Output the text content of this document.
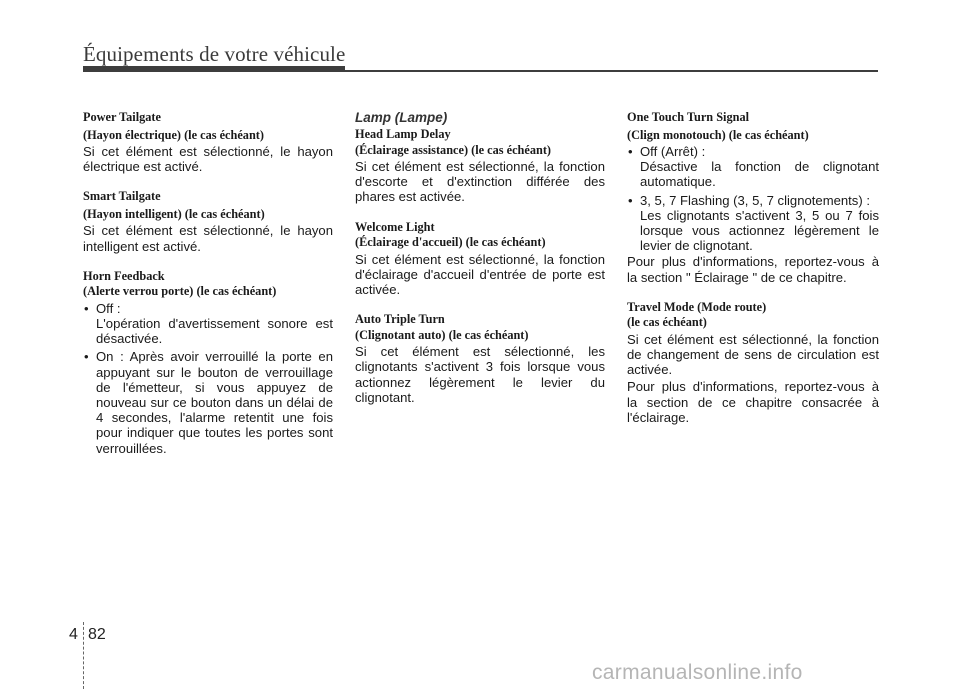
Équipements de votre véhicule

Power Tailgate

(Hayon électrique) (le cas échéant)

Si cet élément est sélectionné, le hayon électrique est activé.

Smart Tailgate

(Hayon intelligent) (le cas échéant)

Si cet élément est sélectionné, le hayon intelligent est activé.

Horn Feedback

(Alerte verrou porte) (le cas échéant)

• Off :
L'opération d'avertissement sonore est désactivée.
• On : Après avoir verrouillé la porte en appuyant sur le bouton de verrouillage de l'émetteur, si vous appuyez de nouveau sur ce bouton dans un délai de 4 secondes, l'alarme retentit une fois pour indiquer que toutes les portes sont verrouillées.

Lamp (Lampe)

Head Lamp Delay

(Éclairage assistance) (le cas échéant)

Si cet élément est sélectionné, la fonction d'escorte et d'extinction différée des phares est activée.

Welcome Light

(Éclairage d'accueil) (le cas échéant)

Si cet élément est sélectionné, la fonction d'éclairage d'accueil d'entrée de porte est activée.

Auto Triple Turn

(Clignotant auto) (le cas échéant)

Si cet élément est sélectionné, les clignotants s'activent 3 fois lorsque vous actionnez légèrement le levier du clignotant.

One Touch Turn Signal

(Clign monotouch) (le cas échéant)

• Off (Arrêt) :
Désactive la fonction de clignotant automatique.
• 3, 5, 7 Flashing (3, 5, 7 clignotements) :
Les clignotants s'activent 3, 5 ou 7 fois lorsque vous actionnez légèrement le levier de clignotant.

Pour plus d'informations, reportez-vous à la section " Éclairage " de ce chapitre.

Travel Mode (Mode route)

(le cas échéant)

Si cet élément est sélectionné, la fonction de changement de sens de circulation est activée.

Pour plus d'informations, reportez-vous à la section de ce chapitre consacrée à l'éclairage.

4 82
carmanualsonline.info
